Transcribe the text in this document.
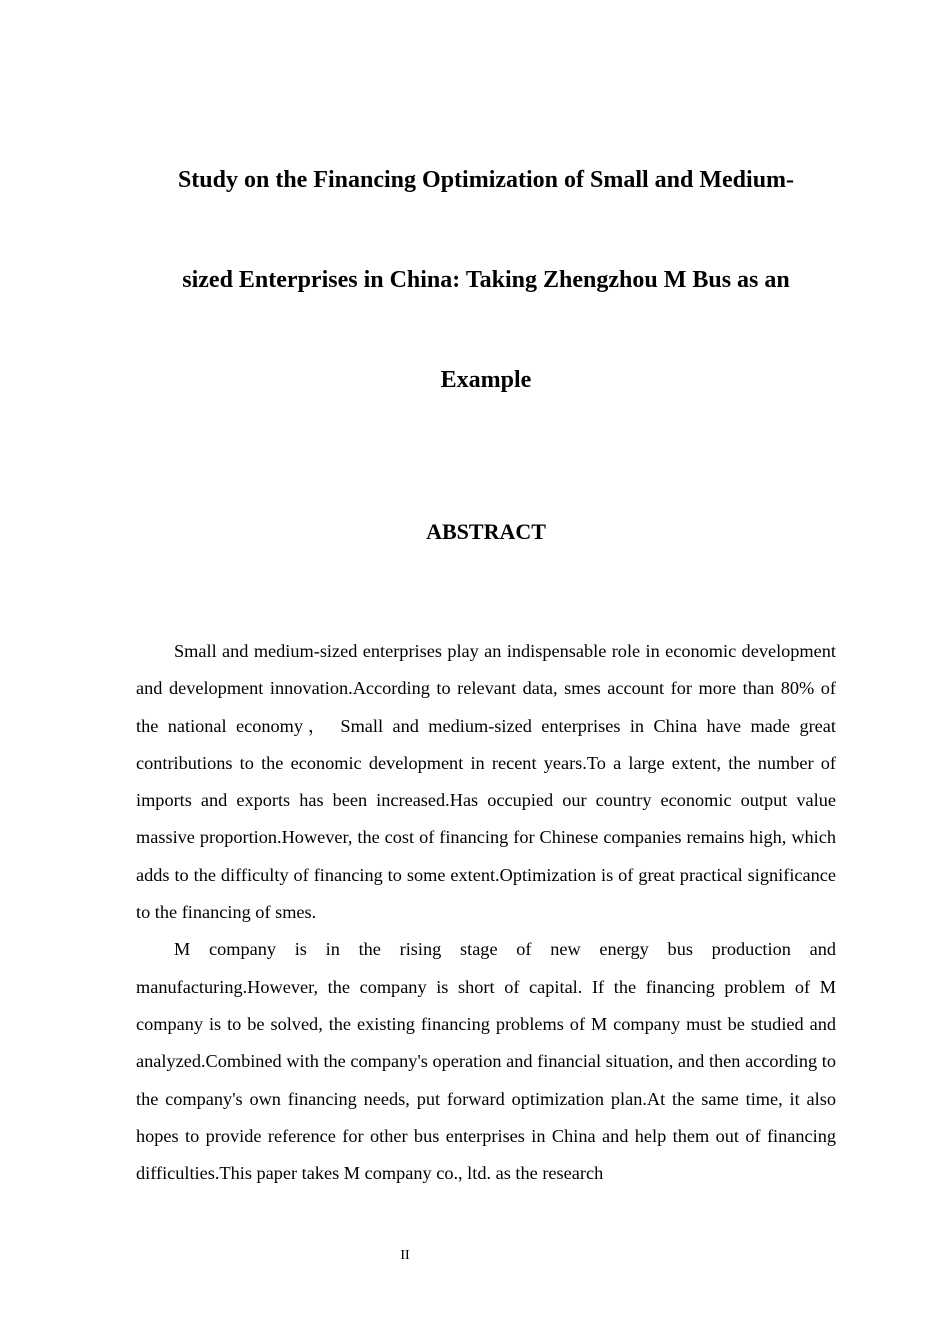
Study on the Financing Optimization of Small and Medium-
sized Enterprises in China: Taking Zhengzhou M Bus as an
Example
ABSTRACT

Small and medium-sized enterprises play an indispensable role in economic development and development innovation.According to relevant data, smes account for more than 80% of the national economy， Small and medium-sized enterprises in China have made great contributions to the economic development in recent years.To a large extent, the number of imports and exports has been increased.Has occupied our country economic output value massive proportion.However, the cost of financing for Chinese companies remains high, which adds to the difficulty of financing to some extent.Optimization is of great practical significance to the financing of smes.

M company is in the rising stage of new energy bus production and manufacturing.However, the company is short of capital. If the financing problem of M company is to be solved, the existing financing problems of M company must be studied and analyzed.Combined with the company's operation and financial situation, and then according to the company's own financing needs, put forward optimization plan.At the same time, it also hopes to provide reference for other bus enterprises in China and help them out of financing difficulties.This paper takes M company co., ltd. as the research

II
